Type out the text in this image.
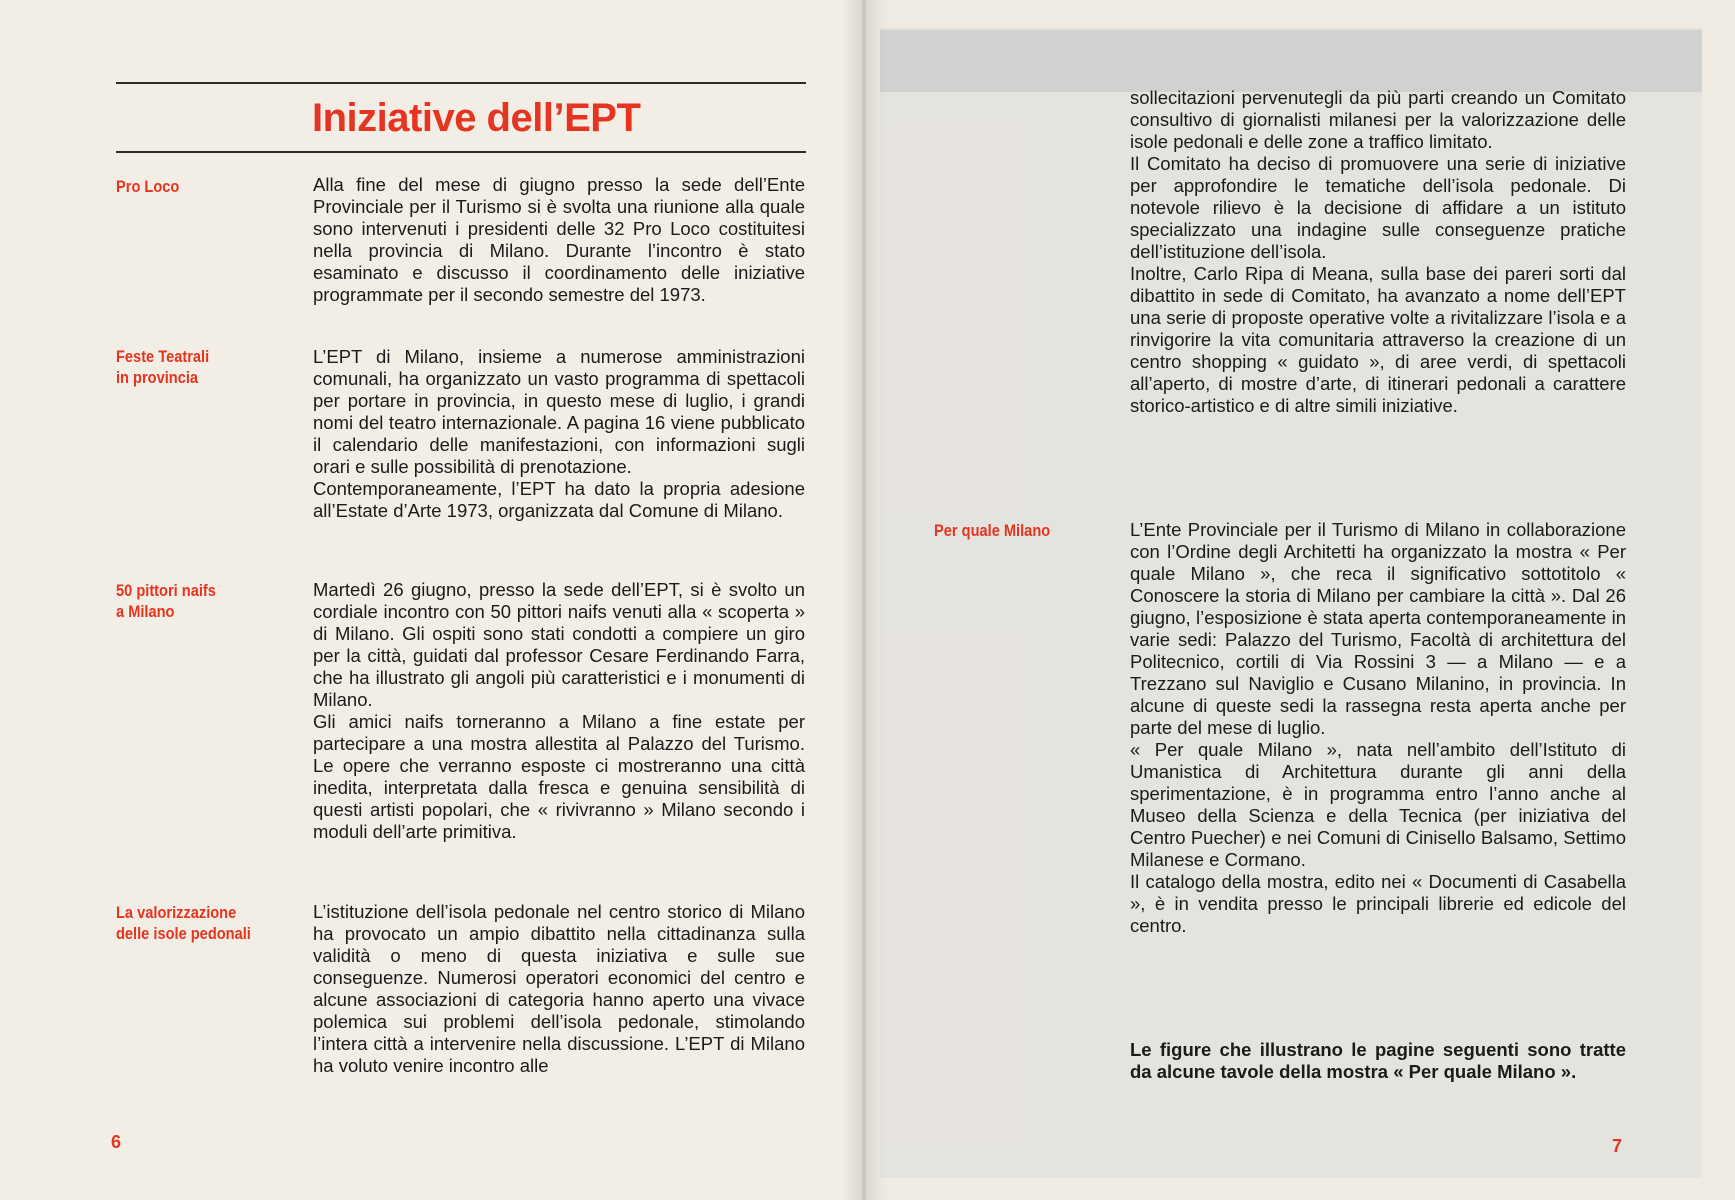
Iniziative dell’EPT
Pro Loco	Alla fine del mese di giugno presso la sede dell’Ente Provinciale per il Turismo si è svolta una riunione alla quale sono intervenuti i presidenti delle 32 Pro Loco costituitesi nella provincia di Milano. Durante l’incontro è stato esaminato e discusso il coordinamento delle iniziative programmate per il secondo semestre del 1973.

Feste Teatrali
in provincia

L’EPT di Milano, insieme a numerose amministrazioni comunali, ha organizzato un vasto programma di spettacoli per portare in provincia, in questo mese di luglio, i grandi nomi del teatro internazionale. A pagina 16 viene pubblicato il calendario delle manifestazioni, con informazioni sugli orari e sulle possibilità di prenotazione.

Contemporaneamente, l’EPT ha dato la propria adesione all’Estate d’Arte 1973, organizzata dal Comune di Milano.

50 pittori naifs
a Milano

Martedì 26 giugno, presso la sede dell’EPT, si è svolto un cordiale incontro con 50 pittori naifs venuti alla « scoperta » di Milano. Gli ospiti sono stati condotti a compiere un giro per la città, guidati dal professor Cesare Ferdinando Farra, che ha illustrato gli angoli più caratteristici e i monumenti di Milano.

Gli amici naifs torneranno a Milano a fine estate per partecipare a una mostra allestita al Palazzo del Turismo. Le opere che verranno esposte ci mostreranno una città inedita, interpretata dalla fresca e genuina sensibilità di questi artisti popolari, che « rivivranno » Milano secondo i moduli dell’arte primitiva.

La valorizzazione
delle isole pedonali

L’istituzione dell’isola pedonale nel centro storico di Milano ha provocato un ampio dibattito nella cittadinanza sulla validità o meno di questa iniziativa e sulle sue conseguenze. Numerosi operatori economici del centro e alcune associazioni di categoria hanno aperto una vivace polemica sui problemi dell’isola pedonale, stimolando l’intera città a intervenire nella discussione. L’EPT di Milano ha voluto venire incontro alle

6

sollecitazioni pervenutegli da più parti creando un Comitato consultivo di giornalisti milanesi per la valorizzazione delle isole pedonali e delle zone a traffico limitato.

Il Comitato ha deciso di promuovere una serie di iniziative per approfondire le tematiche dell’isola pedonale. Di notevole rilievo è la decisione di affidare a un istituto specializzato una indagine sulle conseguenze pratiche dell’istituzione dell’isola.

Inoltre, Carlo Ripa di Meana, sulla base dei pareri sorti dal dibattito in sede di Comitato, ha avanzato a nome dell’EPT una serie di proposte operative volte a rivitalizzare l’isola e a rinvigorire la vita comunitaria attraverso la creazione di un centro shopping « guidato », di aree verdi, di spettacoli all’aperto, di mostre d’arte, di itinerari pedonali a carattere storico-artistico e di altre simili iniziative.

Per quale Milano	L’Ente Provinciale per il Turismo di Milano in collaborazione con l’Ordine degli Architetti ha organizzato la mostra « Per quale Milano », che reca il significativo sottotitolo « Conoscere la storia di Milano per cambiare la città ». Dal 26 giugno, l’esposizione è stata aperta contemporaneamente in varie sedi: Palazzo del Turismo, Facoltà di architettura del Politecnico, cortili di Via Rossini 3 — a Milano — e a Trezzano sul Naviglio e Cusano Milanino, in provincia. In alcune di queste sedi la rassegna resta aperta anche per parte del mese di luglio.

« Per quale Milano », nata nell’ambito dell’Istituto di Umanistica di Architettura durante gli anni della sperimentazione, è in programma entro l’anno anche al Museo della Scienza e della Tecnica (per iniziativa del Centro Puecher) e nei Comuni di Cinisello Balsamo, Settimo Milanese e Cormano.

Il catalogo della mostra, edito nei « Documenti di Casabella », è in vendita presso le principali librerie ed edicole del centro.

Le figure che illustrano le pagine seguenti sono tratte da alcune tavole della mostra « Per quale Milano ».

7
